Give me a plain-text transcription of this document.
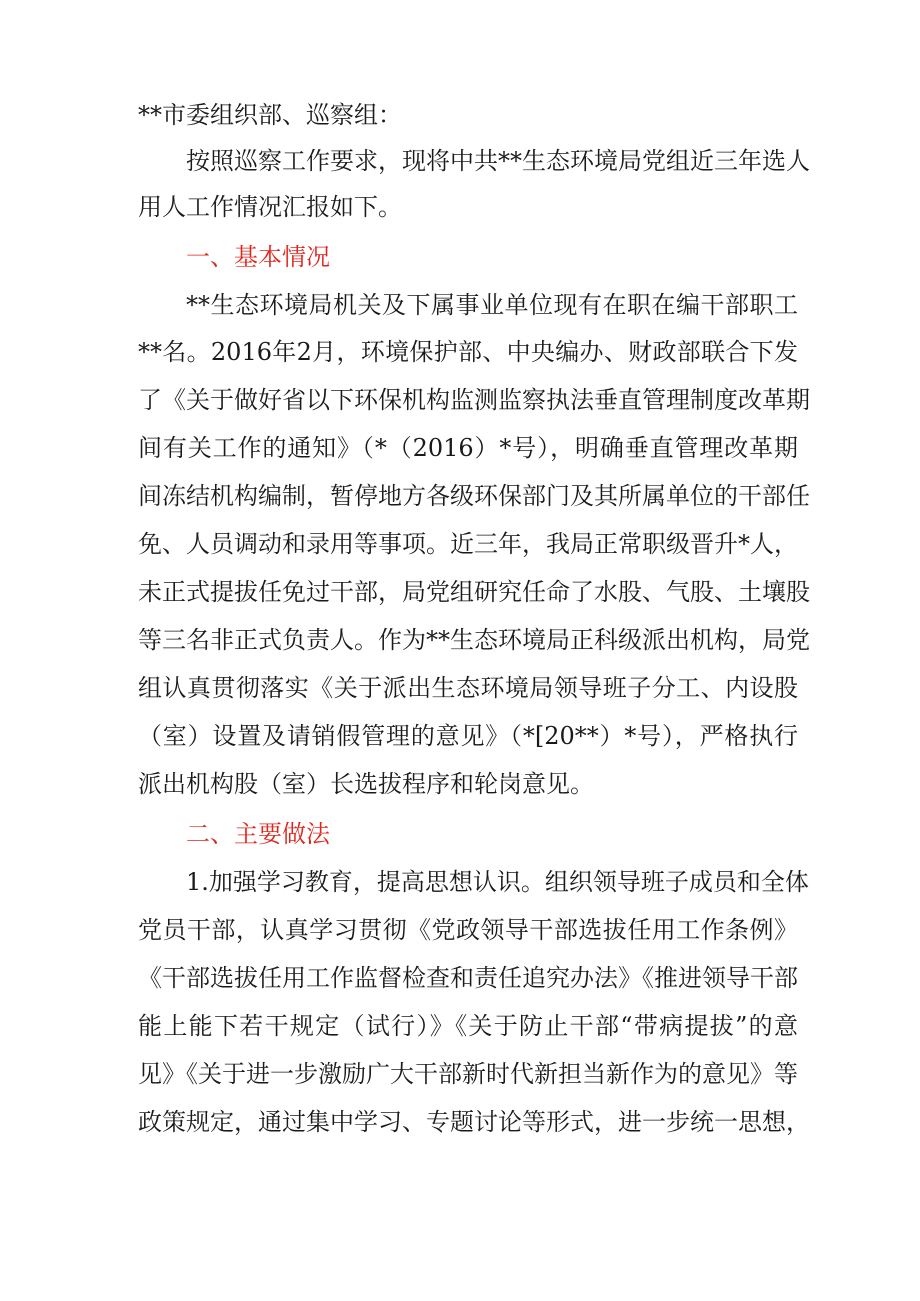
**市委组织部、巡察组：
按照巡察工作要求，现将中共**生态环境局党组近三年选人
用人工作情况汇报如下。
一、基本情况
**生态环境局机关及下属事业单位现有在职在编干部职工
**名。2016年2月，环境保护部、中央编办、财政部联合下发
了《关于做好省以下环保机构监测监察执法垂直管理制度改革期
间有关工作的通知》（*（2016）*号），明确垂直管理改革期
间冻结机构编制，暂停地方各级环保部门及其所属单位的干部任
免、人员调动和录用等事项。近三年，我局正常职级晋升*人，
未正式提拔任免过干部，局党组研究任命了水股、气股、土壤股
等三名非正式负责人。作为**生态环境局正科级派出机构，局党
组认真贯彻落实《关于派出生态环境局领导班子分工、内设股
（室）设置及请销假管理的意见》（*[20**）*号），严格执行
派出机构股（室）长选拔程序和轮岗意见。
二、主要做法
1.加强学习教育，提高思想认识。组织领导班子成员和全体
党员干部，认真学习贯彻《党政领导干部选拔任用工作条例》
《干部选拔任用工作监督检查和责任追究办法》《推进领导干部
能上能下若干规定（试行）》《关于防止干部“带病提拔”的意
见》《关于进一步激励广大干部新时代新担当新作为的意见》等
政策规定，通过集中学习、专题讨论等形式，进一步统一思想，
